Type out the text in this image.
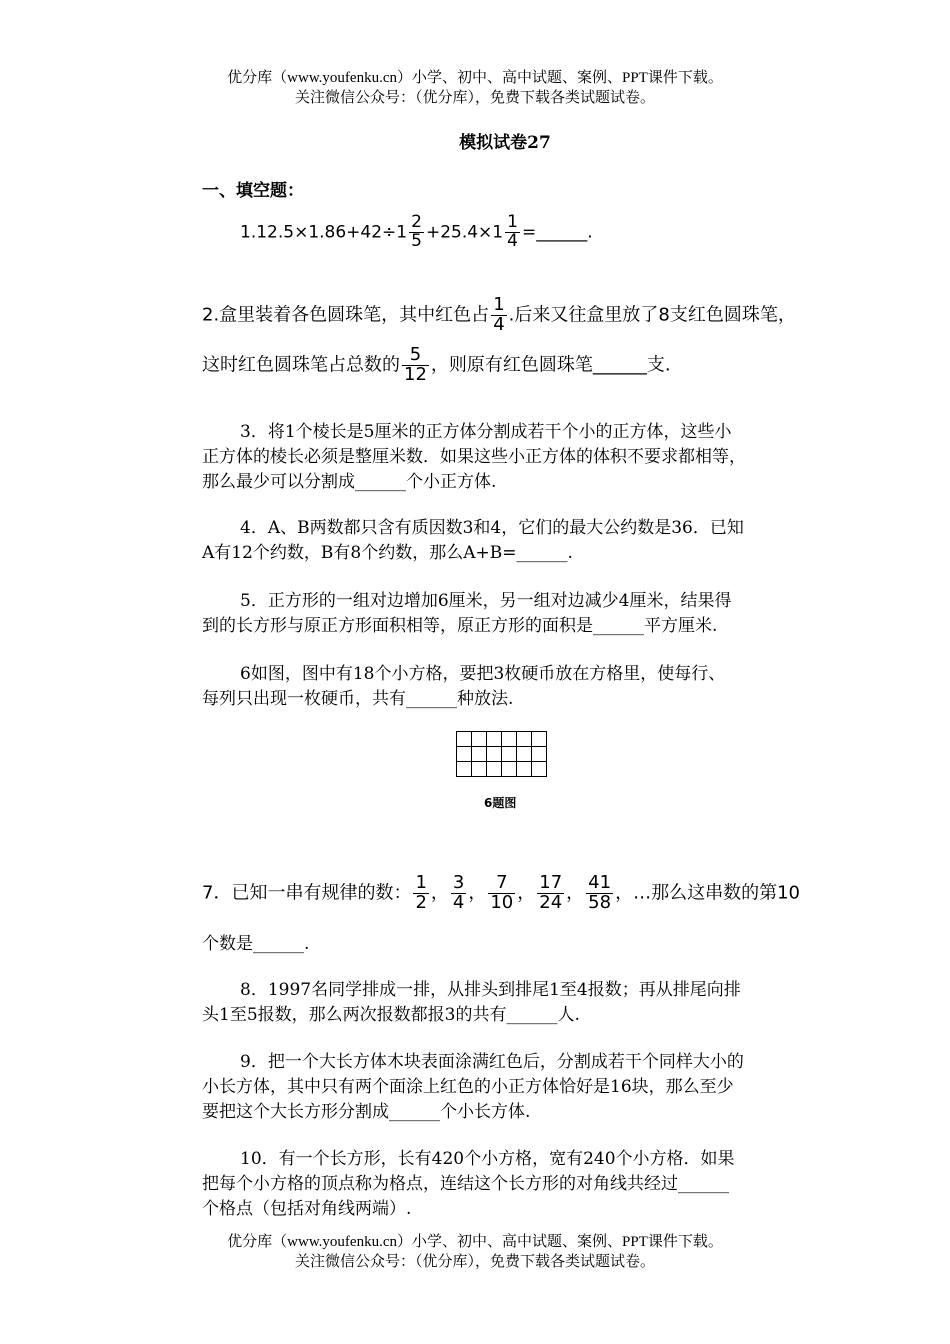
优分库（www.youfenku.cn）小学、初中、高中试题、案例、PPT课件下载。
关注微信公众号：（优分库），免费下载各类试题试卷。
模拟试卷27
一、填空题：
$1.12.5\times 1.86+42\div 1 \frac{2}{5} +25.4\times 1 \frac{1}{4}$ =______.
2.盒里装着各色圆珠笔，其中红色占 $\frac{1}{4}$ .后来又往盒里放了8支红色圆珠笔，
这时红色圆珠笔占总数的 $\frac{5}{12}$ ，则原有红色圆珠笔______支.
3．将1个棱长是5厘米的正方体分割成若干个小的正方体，这些小
正方体的棱长必须是整厘米数．如果这些小正方体的体积不要求都相等，
那么最少可以分割成______个小正方体.
4．A、B两数都只含有质因数3和4，它们的最大公约数是36．已知
A有12个约数，B有8个约数，那么A+B=______.
5．正方形的一组对边增加6厘米，另一组对边减少4厘米，结果得
到的长方形与原正方形面积相等，原正方形的面积是______平方厘米.
6如图，图中有18个小方格，要把3枚硬币放在方格里，使每行、
每列只出现一枚硬币，共有______种放法.

6题图
7．已知一串有规律的数： $\frac{1}{2}$ ， $\frac{3}{4}$ ， $\frac{7}{10}$ ， $\frac{17}{24}$ ， $\frac{41}{58}$ ，…那么这串数的第10
个数是______.
8．1997名同学排成一排，从排头到排尾1至4报数；再从排尾向排
头1至5报数，那么两次报数都报3的共有______人.
9．把一个大长方体木块表面涂满红色后，分割成若干个同样大小的
小长方体，其中只有两个面涂上红色的小正方体恰好是16块，那么至少
要把这个大长方形分割成______个小长方体.
10．有一个长方形，长有420个小方格，宽有240个小方格．如果
把每个小方格的顶点称为格点，连结这个长方形的对角线共经过______
个格点（包括对角线两端）.
优分库（www.youfenku.cn）小学、初中、高中试题、案例、PPT课件下载。
关注微信公众号：（优分库），免费下载各类试题试卷。
